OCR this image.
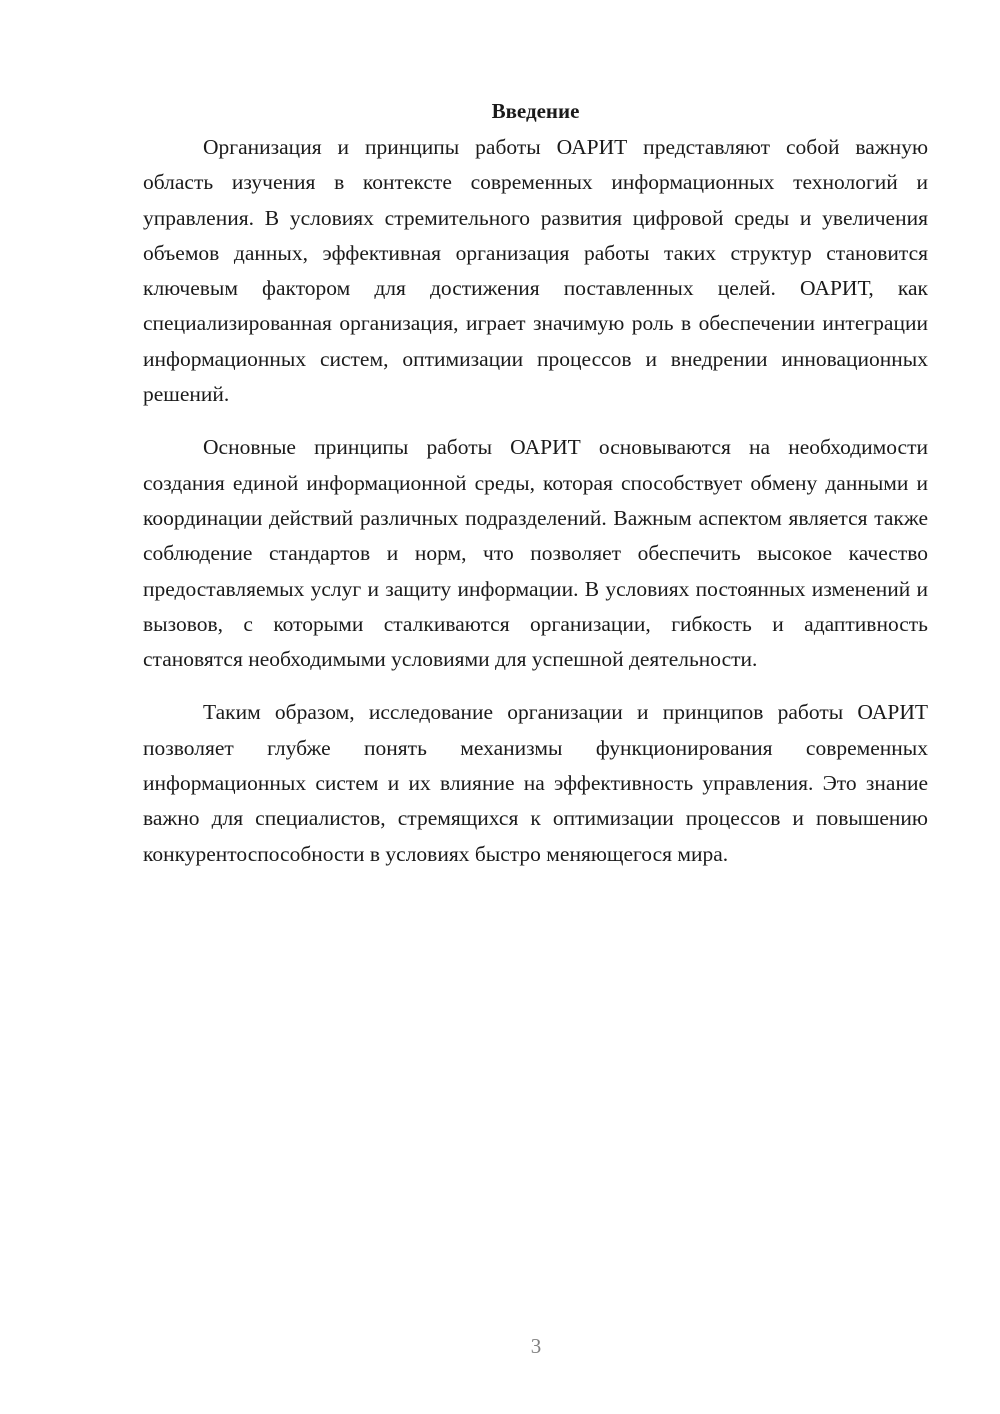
Введение

Организация и принципы работы ОАРИТ представляют собой важную область изучения в контексте современных информационных технологий и управления. В условиях стремительного развития цифровой среды и увеличения объемов данных, эффективная организация работы таких структур становится ключевым фактором для достижения поставленных целей. ОАРИТ, как специализированная организация, играет значимую роль в обеспечении интеграции информационных систем, оптимизации процессов и внедрении инновационных решений.

Основные принципы работы ОАРИТ основываются на необходимости создания единой информационной среды, которая способствует обмену данными и координации действий различных подразделений. Важным аспектом является также соблюдение стандартов и норм, что позволяет обеспечить высокое качество предоставляемых услуг и защиту информации. В условиях постоянных изменений и вызовов, с которыми сталкиваются организации, гибкость и адаптивность становятся необходимыми условиями для успешной деятельности.

Таким образом, исследование организации и принципов работы ОАРИТ позволяет глубже понять механизмы функционирования современных информационных систем и их влияние на эффективность управления. Это знание важно для специалистов, стремящихся к оптимизации процессов и повышению конкурентоспособности в условиях быстро меняющегося мира.

3
